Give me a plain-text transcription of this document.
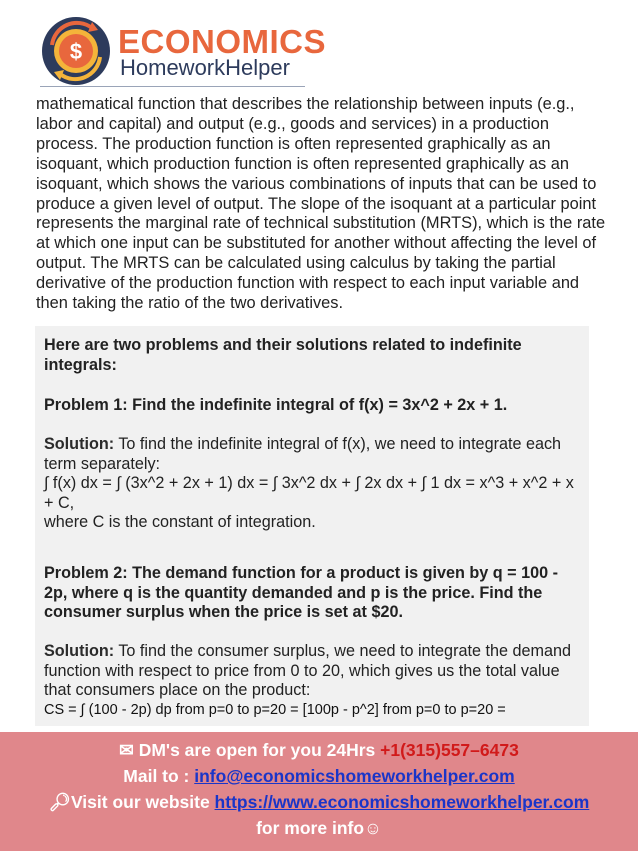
$ ECONOMICS
HomeworkHelper
mathematical function that describes the relationship between inputs (e.g., labor and capital) and output (e.g., goods and services) in a production process. The production function is often represented graphically as an isoquant, which production function is often represented graphically as an isoquant, which shows the various combinations of inputs that can be used to produce a given level of output. The slope of the isoquant at a particular point represents the marginal rate of technical substitution (MRTS), which is the rate at which one input can be substituted for another without affecting the level of output. The MRTS can be calculated using calculus by taking the partial derivative of the production function with respect to each input variable and then taking the ratio of the two derivatives.

Here are two problems and their solutions related to indefinite integrals:

Problem 1: Find the indefinite integral of f(x) = 3x^2 + 2x + 1.

Solution: To find the indefinite integral of f(x), we need to integrate each term separately:

∫ f(x) dx = ∫ (3x^2 + 2x + 1) dx = ∫ 3x^2 dx + ∫ 2x dx + ∫ 1 dx = x^3 + x^2 + x + C,

where C is the constant of integration.

Problem 2: The demand function for a product is given by q = 100 - 2p, where q is the quantity demanded and p is the price. Find the consumer surplus when the price is set at $20.

Solution: To find the consumer surplus, we need to integrate the demand function with respect to price from 0 to 20, which gives us the total value that consumers place on the product:

CS = ∫ (100 - 2p) dp from p=0 to p=20 = [100p - p^2] from p=0 to p=20 =

✉ DM's are open for you 24Hrs +1(315)557–6473
Mail to : info@economicshomeworkhelper.com
🔎︎Visit our website https://www.economicshomeworkhelper.com
for more info☺
